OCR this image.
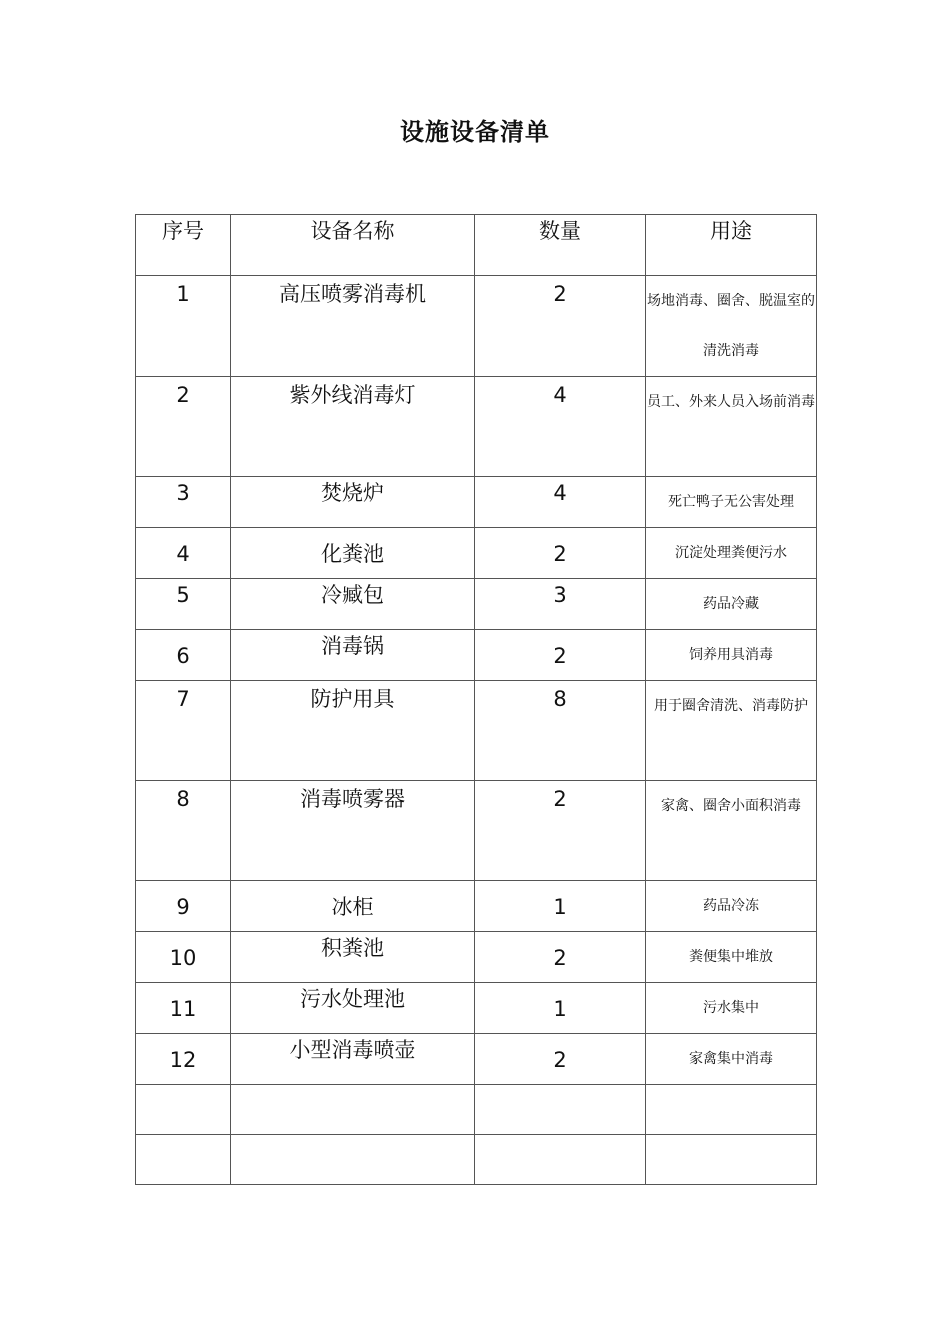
设施设备清单
序号	设备名称	数量	用途
1	高压喷雾消毒机	2	场地消毒、圈舍、脱温室的清洗消毒
2	紫外线消毒灯	4	员工、外来人员入场前消毒
3	焚烧炉	4	死亡鸭子无公害处理
4	化粪池	2	沉淀处理粪便污水
5	冷臧包	3	药品冷藏
6	消毒锅	2	饲养用具消毒
7	防护用具	8	用于圈舍清洗、消毒防护
8	消毒喷雾器	2	家禽、圈舍小面积消毒
9	冰柜	1	药品冷冻
10	积粪池	2	粪便集中堆放
11	污水处理池	1	污水集中
12	小型消毒喷壶	2	家禽集中消毒
